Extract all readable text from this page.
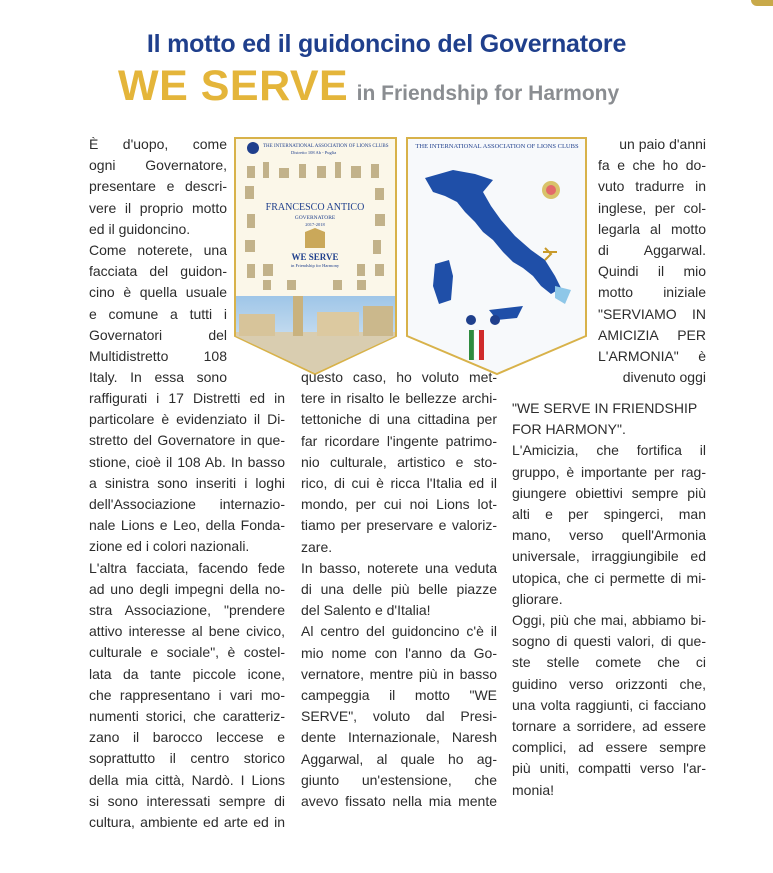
Il motto ed il guidoncino del Governatore
WE SERVE in Friendship for Harmony
THE INTERNATIONAL ASSOCIATION OF LIONS CLUBS
Distretto 108 Ab - Puglia
FRANCESCO ANTICO
GOVERNATORE
2017-2018
WE SERVE
in Friendship for Harmony
THE INTERNATIONAL ASSOCIATION OF LIONS CLUBS

È d'uopo, come

ogni Governatore,

presentare e descri-

vere il proprio motto

ed il guidoncino.

Come noterete, una

facciata del guidon-

cino è quella usuale

e comune a tutti i

Governatori del

Multidistretto 108

Italy. In essa sono

raffigurati i 17 Distretti ed in

particolare è evidenziato il Di-

stretto del Governatore in que-

stione, cioè il 108 Ab. In basso

a sinistra sono inseriti i loghi

dell'Associazione internazio-

nale Lions e Leo, della Fonda-

zione ed i colori nazionali.

L'altra facciata, facendo fede

ad uno degli impegni della no-

stra Associazione, "prendere

attivo interesse al bene civico,

culturale e sociale", è costel-

lata da tante piccole icone,

che rappresentano i vari mo-

numenti storici, che caratteriz-

zano il barocco leccese e

soprattutto il centro storico

della mia città, Nardò. I Lions

si sono interessati sempre di

cultura, ambiente ed arte ed in

questo caso, ho voluto met-

tere in risalto le bellezze archi-

tettoniche di una cittadina per

far ricordare l'ingente patrimo-

nio culturale, artistico e sto-

rico, di cui è ricca l'Italia ed il

mondo, per cui noi Lions lot-

tiamo per preservare e valoriz-

zare.

In basso, noterete una veduta

di una delle più belle piazze

del Salento e d'Italia!

Al centro del guidoncino c'è il

mio nome con l'anno da Go-

vernatore, mentre più in basso

campeggia il motto "WE

SERVE", voluto dal Presi-

dente Internazionale, Naresh

Aggarwal, al quale ho ag-

giunto un'estensione, che

avevo fissato nella mia mente

un paio d'anni

fa e che ho do-

vuto tradurre in

inglese, per col-

legarla al motto

di Aggarwal.

Quindi il mio

motto iniziale

"SERVIAMO IN

AMICIZIA PER

L'ARMONIA" è

divenuto oggi

"WE SERVE IN FRIENDSHIP

FOR HARMONY".

L'Amicizia, che fortifica il

gruppo, è importante per rag-

giungere obiettivi sempre più

alti e per spingerci, man

mano, verso quell'Armonia

universale, irraggiungibile ed

utopica, che ci permette di mi-

gliorare.

Oggi, più che mai, abbiamo bi-

sogno di questi valori, di que-

ste stelle comete che ci

guidino verso orizzonti che,

una volta raggiunti, ci facciano

tornare a sorridere, ad essere

complici, ad essere sempre

più uniti, compatti verso l'ar-

monia!
